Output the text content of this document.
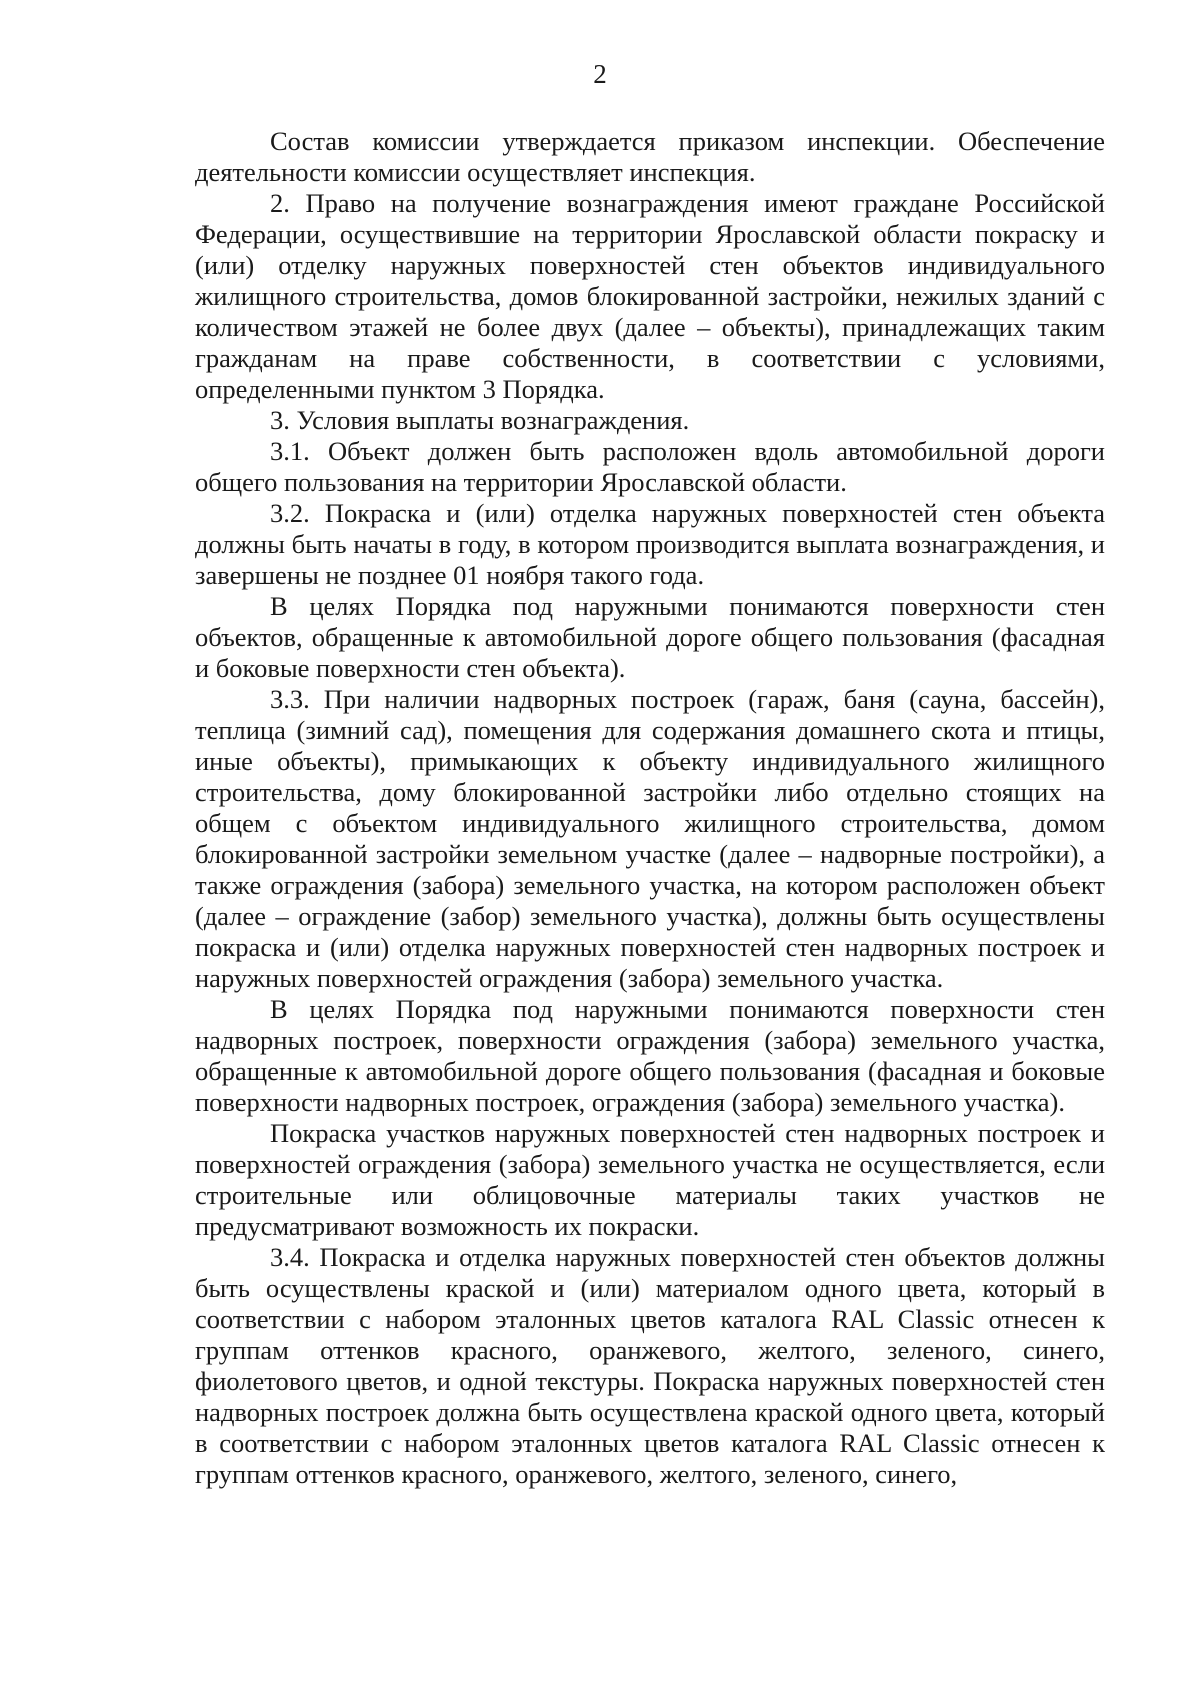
2

Состав комиссии утверждается приказом инспекции. Обеспечение деятельности комиссии осуществляет инспекция.

2. Право на получение вознаграждения имеют граждане Российской Федерации, осуществившие на территории Ярославской области покраску и (или) отделку наружных поверхностей стен объектов индивидуального жилищного строительства, домов блокированной застройки, нежилых зданий с количеством этажей не более двух (далее – объекты), принадлежащих таким гражданам на праве собственности, в соответствии с условиями, определенными пунктом 3 Порядка.

3. Условия выплаты вознаграждения.

3.1. Объект должен быть расположен вдоль автомобильной дороги общего пользования на территории Ярославской области.

3.2. Покраска и (или) отделка наружных поверхностей стен объекта должны быть начаты в году, в котором производится выплата вознаграждения, и завершены не позднее 01 ноября такого года.

В целях Порядка под наружными понимаются поверхности стен объектов, обращенные к автомобильной дороге общего пользования (фасадная и боковые поверхности стен объекта).

3.3. При наличии надворных построек (гараж, баня (сауна, бассейн), теплица (зимний сад), помещения для содержания домашнего скота и птицы, иные объекты), примыкающих к объекту индивидуального жилищного строительства, дому блокированной застройки либо отдельно стоящих на общем с объектом индивидуального жилищного строительства, домом блокированной застройки земельном участке (далее – надворные постройки), а также ограждения (забора) земельного участка, на котором расположен объект (далее – ограждение (забор) земельного участка), должны быть осуществлены покраска и (или) отделка наружных поверхностей стен надворных построек и наружных поверхностей ограждения (забора) земельного участка.

В целях Порядка под наружными понимаются поверхности стен надворных построек, поверхности ограждения (забора) земельного участка, обращенные к автомобильной дороге общего пользования (фасадная и боковые поверхности надворных построек, ограждения (забора) земельного участка).

Покраска участков наружных поверхностей стен надворных построек и поверхностей ограждения (забора) земельного участка не осуществляется, если строительные или облицовочные материалы таких участков не предусматривают возможность их покраски.

3.4. Покраска и отделка наружных поверхностей стен объектов должны быть осуществлены краской и (или) материалом одного цвета, который в соответствии с набором эталонных цветов каталога RAL Classic отнесен к группам оттенков красного, оранжевого, желтого, зеленого, синего, фиолетового цветов, и одной текстуры. Покраска наружных поверхностей стен надворных построек должна быть осуществлена краской одного цвета, который в соответствии с набором эталонных цветов каталога RAL Classic отнесен к группам оттенков красного, оранжевого, желтого, зеленого, синего,
